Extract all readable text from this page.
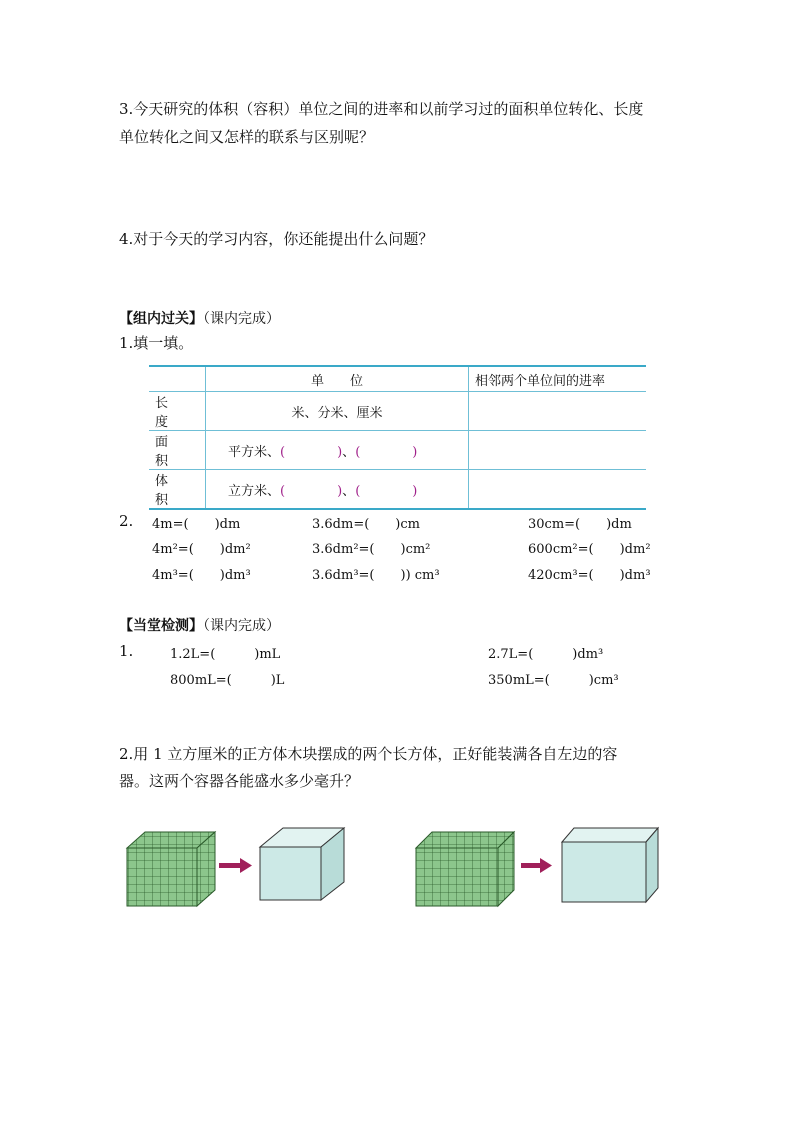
3.今天研究的体积（容积）单位之间的进率和以前学习过的面积单位转化、长度
单位转化之间又怎样的联系与区别呢？
4.对于今天的学习内容，你还能提出什么问题？
【组内过关】（课内完成）
1.填一填。
	单　　位	相邻两个单位间的进率
长度	米、分米、厘米	
面积	平方米、(　　　　)、(　　　　)	
体积	立方米、(　　　　)、(　　　　)	
2. 4m=(　　)dm	3.6dm=(　　)cm	30cm=(　　)dm
4m²=(　　)dm²	3.6dm²=(　　)cm²	600cm²=(　　)dm²
4m³=(　　)dm³	3.6dm³=(　　)) cm³	420cm³=(　　)dm³
【当堂检测】（课内完成）
1.	1.2L=(　　　)mL	2.7L=(　　　)dm³
800mL=(　　　)L	350mL=(　　　)cm³
2.用 1 立方厘米的正方体木块摆成的两个长方体，正好能装满各自左边的容
器。这两个容器各能盛水多少毫升？
